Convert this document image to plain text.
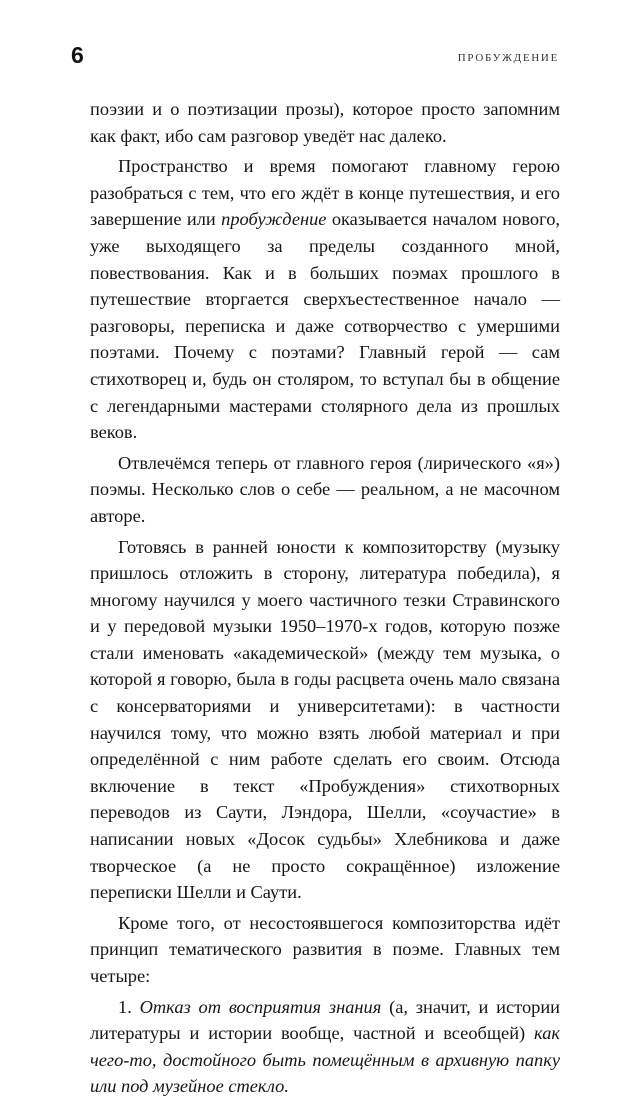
6	ПРОБУЖДЕНИЕ

поэзии и о поэтизации прозы), которое просто запомним как факт, ибо сам разговор уведёт нас далеко.

Пространство и время помогают главному герою разобраться с тем, что его ждёт в конце путешествия, и его завершение или пробуждение оказывается началом нового, уже выходящего за пределы созданного мной, повествования. Как и в больших поэмах прошлого в путешествие вторгается сверхъестественное начало — разговоры, переписка и даже сотворчество с умершими поэтами. Почему с поэтами? Главный герой — сам стихотворец и, будь он столяром, то вступал бы в общение с легендарными мастерами столярного дела из прошлых веков.

Отвлечёмся теперь от главного героя (лирического «я») поэмы. Несколько слов о себе — реальном, а не масочном авторе.

Готовясь в ранней юности к композиторству (музыку пришлось отложить в сторону, литература победила), я многому научился у моего частичного тезки Стравинского и у передовой музыки 1950–1970-х годов, которую позже стали именовать «академической» (между тем музыка, о которой я говорю, была в годы расцвета очень мало связана с консерваториями и университетами): в частности научился тому, что можно взять любой материал и при определённой с ним работе сделать его своим. Отсюда включение в текст «Пробуждения» стихотворных переводов из Саути, Лэндора, Шелли, «соучастие» в написании новых «Досок судьбы» Хлебникова и даже творческое (а не просто сокращённое) изложение переписки Шелли и Саути.

Кроме того, от несостоявшегося композиторства идёт принцип тематического развития в поэме. Главных тем четыре:

1. Отказ от восприятия знания (а, значит, и истории литературы и истории вообще, частной и всеобщей) как чего-то, достойного быть помещённым в архивную папку или под музейное стекло.
